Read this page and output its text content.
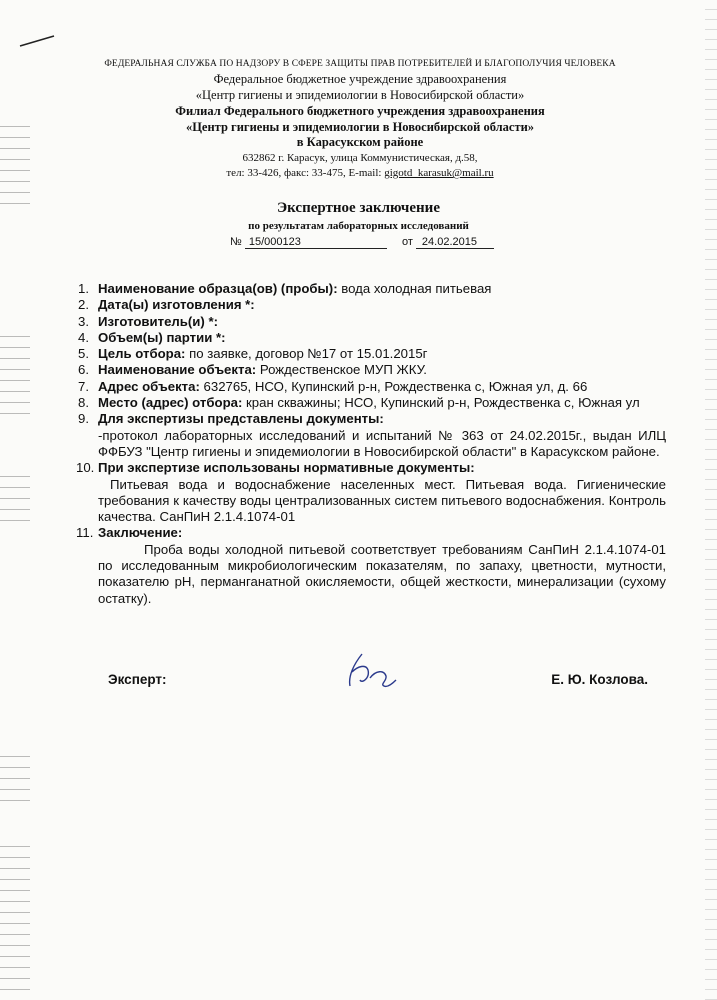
ФЕДЕРАЛЬНАЯ СЛУЖБА ПО НАДЗОРУ В СФЕРЕ ЗАЩИТЫ ПРАВ ПОТРЕБИТЕЛЕЙ И БЛАГОПОЛУЧИЯ ЧЕЛОВЕКА
Федеральное бюджетное учреждение здравоохранения
«Центр гигиены и эпидемиологии в Новосибирской области»
Филиал Федерального бюджетного учреждения здравоохранения
«Центр гигиены и эпидемиологии в Новосибирской области»
в Карасукском районе
632862 г. Карасук, улица Коммунистическая, д.58,
тел: 33-426, факс: 33-475, E-mail: gigotd_karasuk@mail.ru
Экспертное заключение
по результатам лабораторных исследований
№ 15/000123	от 24.02.2015
1. Наименование образца(ов) (пробы): вода холодная питьевая
2. Дата(ы) изготовления *:
3. Изготовитель(и) *:
4. Объем(ы) партии *:
5. Цель отбора: по заявке, договор №17 от 15.01.2015г
6. Наименование объекта: Рождественское МУП ЖКУ.
7. Адрес объекта: 632765, НСО, Купинский р-н, Рождественка с, Южная ул, д. 66
8. Место (адрес) отбора: кран скважины; НСО, Купинский р-н, Рождественка с, Южная ул
9. Для экспертизы представлены документы:
-протокол лабораторных исследований и испытаний № 363 от 24.02.2015г., выдан ИЛЦ ФФБУЗ "Центр гигиены и эпидемиологии в Новосибирской области" в Карасукском районе.
10. При экспертизе использованы нормативные документы:
Питьевая вода и водоснабжение населенных мест. Питьевая вода. Гигиенические требования к качеству воды централизованных систем питьевого водоснабжения. Контроль качества. СанПиН 2.1.4.1074-01
11. Заключение:
Проба воды холодной питьевой соответствует требованиям СанПиН 2.1.4.1074-01 по исследованным микробиологическим показателям, по запаху, цветности, мутности, показателю рН, перманганатной окисляемости, общей жесткости, минерализации (сухому остатку).
Эксперт:	Е. Ю. Козлова.
